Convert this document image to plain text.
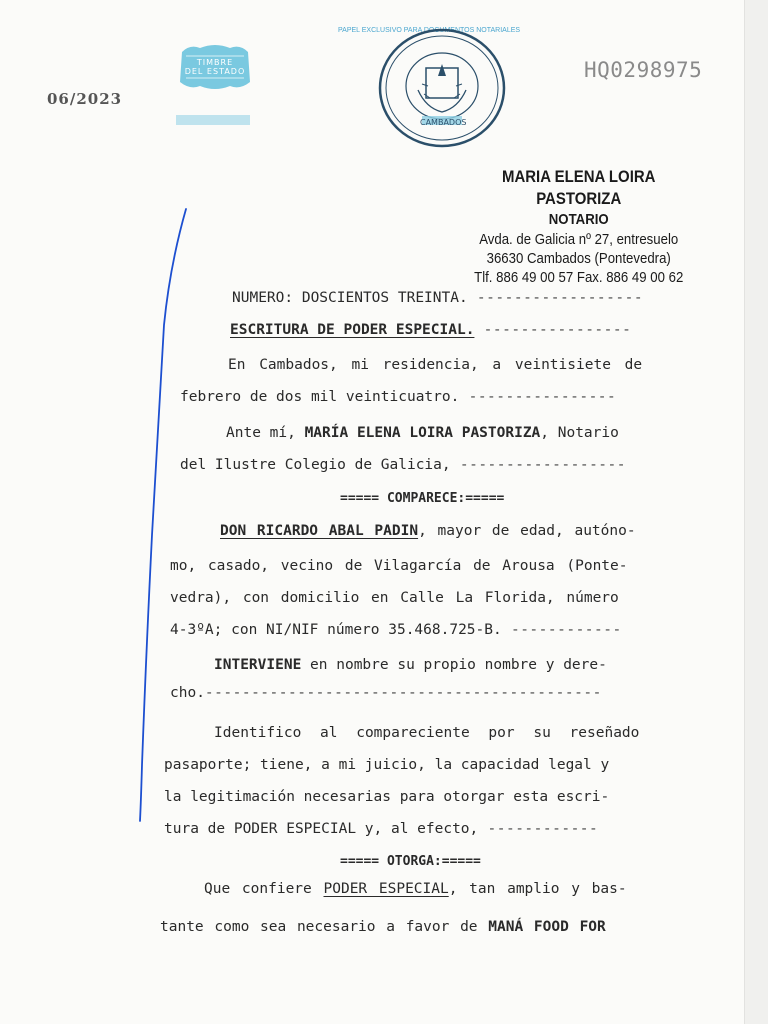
06/2023
TIMBRE
DEL ESTADO
PAPEL EXCLUSIVO PARA DOCUMENTOS NOTARIALES
CAMBADOS
HQ0298975
MARIA ELENA LOIRA PASTORIZA
NOTARIO
Avda. de Galicia nº 27, entresuelo
36630 Cambados (Pontevedra)
Tlf. 886 49 00 57 Fax. 886 49 00 62
NUMERO: DOSCIENTOS TREINTA. ------------------
ESCRITURA DE PODER ESPECIAL. ----------------
En Cambados, mi residencia, a veintisiete de
febrero de dos mil veinticuatro. ----------------
Ante mí, MARÍA ELENA LOIRA PASTORIZA, Notario
del Ilustre Colegio de Galicia, ------------------
===== COMPARECE:=====
DON RICARDO ABAL PADIN, mayor de edad, autóno-
mo, casado, vecino de Vilagarcía de Arousa (Ponte-
vedra), con domicilio en Calle La Florida, número
4-3ºA; con NI/NIF número 35.468.725-B. ------------
INTERVIENE en nombre su propio nombre y dere-
cho.-------------------------------------------
Identifico al compareciente por su reseñado
pasaporte; tiene, a mi juicio, la capacidad legal y
la legitimación necesarias para otorgar esta escri-
tura de PODER ESPECIAL y, al efecto, ------------
===== OTORGA:=====
Que confiere PODER ESPECIAL, tan amplio y bas-
tante como sea necesario a favor de MANÁ FOOD FOR
